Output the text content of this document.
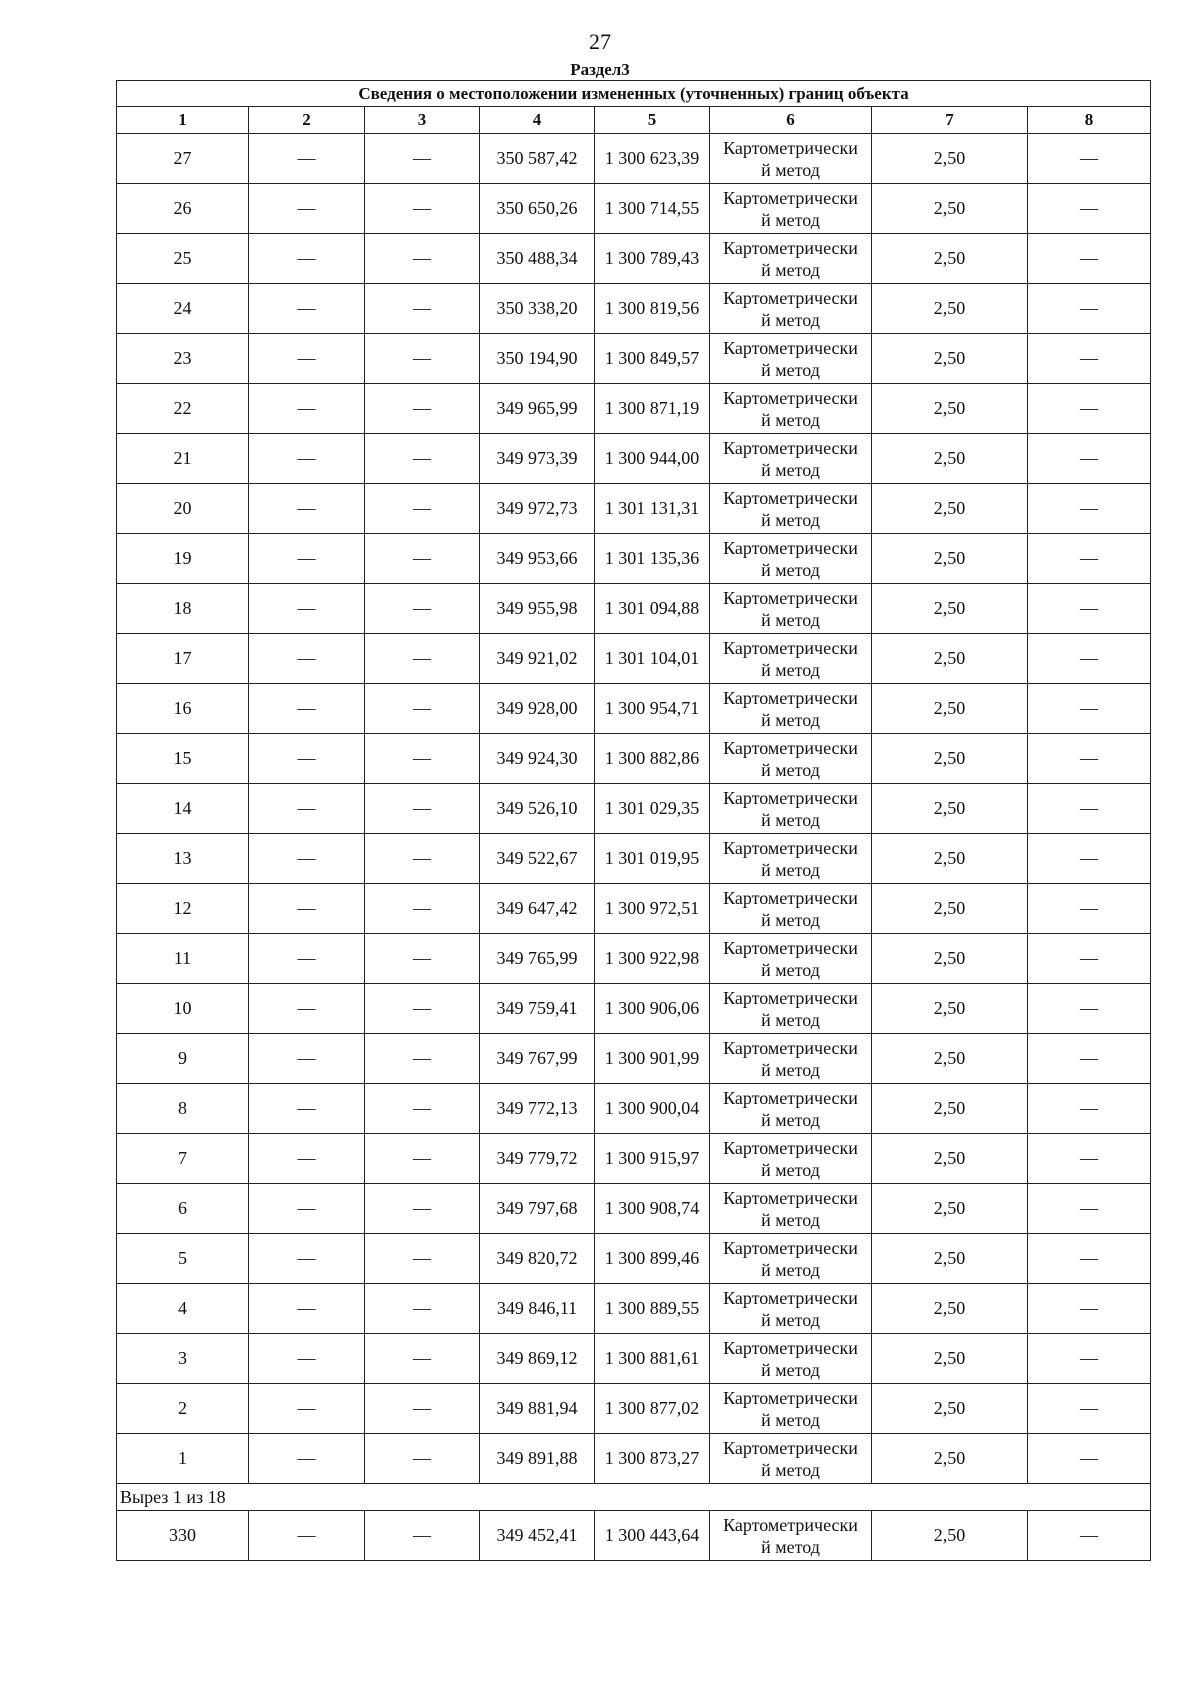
27
Раздел3
Сведения о местоположении измененных (уточненных) границ объекта							
1	2	3	4	5	6	7	8
27	—	—	350 587,42	1 300 623,39	Картометрически
й метод	2,50	—
26	—	—	350 650,26	1 300 714,55	Картометрически
й метод	2,50	—
25	—	—	350 488,34	1 300 789,43	Картометрически
й метод	2,50	—
24	—	—	350 338,20	1 300 819,56	Картометрически
й метод	2,50	—
23	—	—	350 194,90	1 300 849,57	Картометрически
й метод	2,50	—
22	—	—	349 965,99	1 300 871,19	Картометрически
й метод	2,50	—
21	—	—	349 973,39	1 300 944,00	Картометрически
й метод	2,50	—
20	—	—	349 972,73	1 301 131,31	Картометрически
й метод	2,50	—
19	—	—	349 953,66	1 301 135,36	Картометрически
й метод	2,50	—
18	—	—	349 955,98	1 301 094,88	Картометрически
й метод	2,50	—
17	—	—	349 921,02	1 301 104,01	Картометрически
й метод	2,50	—
16	—	—	349 928,00	1 300 954,71	Картометрически
й метод	2,50	—
15	—	—	349 924,30	1 300 882,86	Картометрически
й метод	2,50	—
14	—	—	349 526,10	1 301 029,35	Картометрически
й метод	2,50	—
13	—	—	349 522,67	1 301 019,95	Картометрически
й метод	2,50	—
12	—	—	349 647,42	1 300 972,51	Картометрически
й метод	2,50	—
11	—	—	349 765,99	1 300 922,98	Картометрически
й метод	2,50	—
10	—	—	349 759,41	1 300 906,06	Картометрически
й метод	2,50	—
9	—	—	349 767,99	1 300 901,99	Картометрически
й метод	2,50	—
8	—	—	349 772,13	1 300 900,04	Картометрически
й метод	2,50	—
7	—	—	349 779,72	1 300 915,97	Картометрически
й метод	2,50	—
6	—	—	349 797,68	1 300 908,74	Картометрически
й метод	2,50	—
5	—	—	349 820,72	1 300 899,46	Картометрически
й метод	2,50	—
4	—	—	349 846,11	1 300 889,55	Картометрически
й метод	2,50	—
3	—	—	349 869,12	1 300 881,61	Картометрически
й метод	2,50	—
2	—	—	349 881,94	1 300 877,02	Картометрически
й метод	2,50	—
1	—	—	349 891,88	1 300 873,27	Картометрически
й метод	2,50	—
Вырез 1 из 18							
330	—	—	349 452,41	1 300 443,64	Картометрически
й метод	2,50	—
